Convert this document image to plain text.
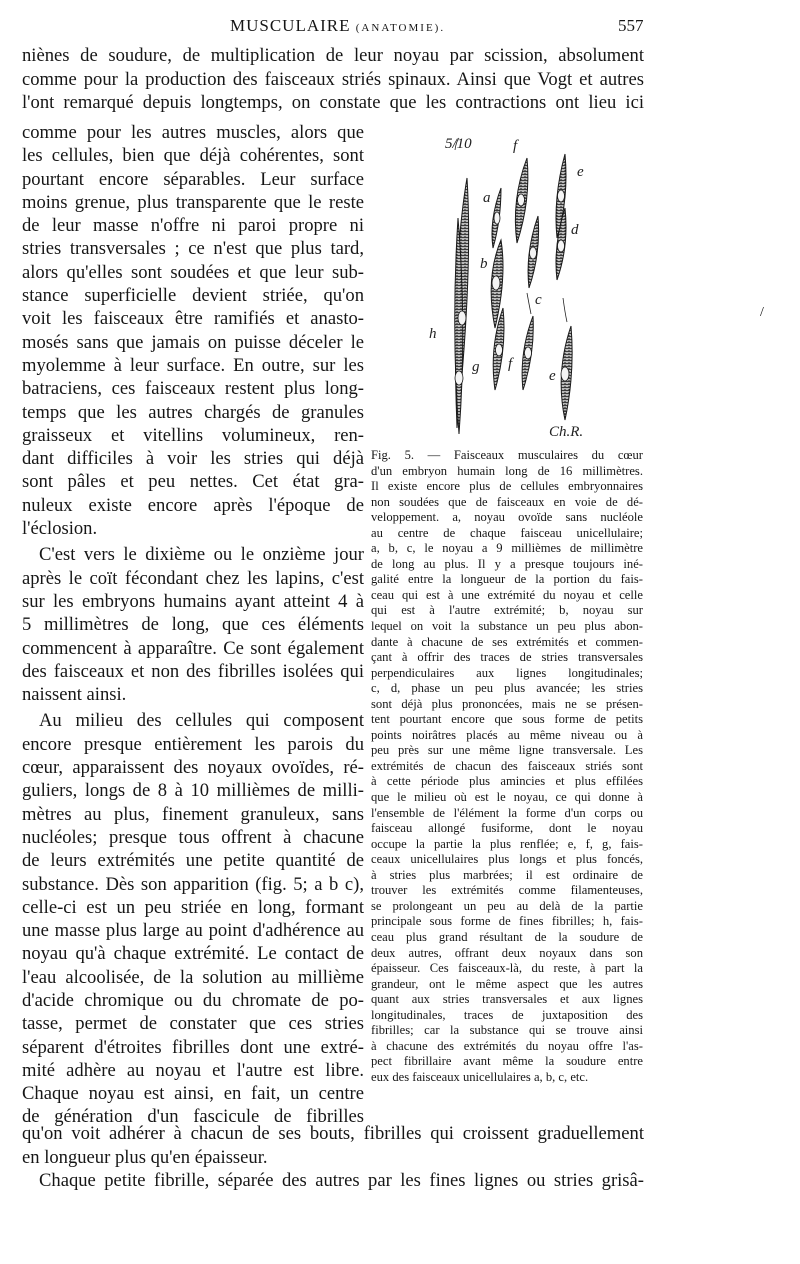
MUSCULAIRE (ANATOMIE).	557
niènes de soudure, de multiplication de leur noyau par scission, absolument
comme pour la production des faisceaux striés spinaux. Ainsi que Vogt et autres
l'ont remarqué depuis longtemps, on constate que les contractions ont lieu ici
comme pour les autres muscles, alors que
les cellules, bien que déjà cohérentes, sont
pourtant encore séparables. Leur surface
moins grenue, plus transparente que le reste
de leur masse n'offre ni paroi propre ni
stries transversales ; ce n'est que plus tard,
alors qu'elles sont soudées et que leur sub-
stance superficielle devient striée, qu'on
voit les faisceaux être ramifiés et anasto-
mosés sans que jamais on puisse déceler le
myolemme à leur surface. En outre, sur les
batraciens, ces faisceaux restent plus long-
temps que les autres chargés de granules
graisseux et vitellins volumineux, ren-
dant difficiles à voir les stries qui déjà
sont pâles et peu nettes. Cet état gra-
nuleux existe encore après l'époque de
l'éclosion.
C'est vers le dixième ou le onzième jour
après le coït fécondant chez les lapins, c'est
sur les embryons humains ayant atteint 4 à
5 millimètres de long, que ces éléments
commencent à apparaître. Ce sont également
des faisceaux et non des fibrilles isolées qui
naissent ainsi.
Au milieu des cellules qui composent
encore presque entièrement les parois du
cœur, apparaissent des noyaux ovoïdes, ré-
guliers, longs de 8 à 10 millièmes de milli-
mètres au plus, finement granuleux, sans
nucléoles; presque tous offrent à chacune
de leurs extrémités une petite quantité de
substance. Dès son apparition (fig. 5; a b c),
celle-ci est un peu striée en long, formant
une masse plus large au point d'adhérence au
noyau qu'à chaque extrémité. Le contact de
l'eau alcoolisée, de la solution au millième
d'acide chromique ou du chromate de po-
tasse, permet de constater que ces stries
séparent d'étroites fibrilles dont une extré-
mité adhère au noyau et l'autre est libre.
Chaque noyau est ainsi, en fait, un centre
de génération d'un fascicule de fibrilles
5/10	f
e
a
d
b
c
h
g f
e
Ch.R.
Fig. 5. — Faisceaux musculaires du cœur
d'un embryon humain long de 16 millimètres.
Il existe encore plus de cellules embryonnaires
non soudées que de faisceaux en voie de dé-
veloppement. a, noyau ovoïde sans nucléole
au centre de chaque faisceau unicellulaire;
a, b, c, le noyau a 9 millièmes de millimètre
de long au plus. Il y a presque toujours iné-
galité entre la longueur de la portion du fais-
ceau qui est à une extrémité du noyau et celle
qui est à l'autre extrémité; b, noyau sur
lequel on voit la substance un peu plus abon-
dante à chacune de ses extrémités et commen-
çant à offrir des traces de stries transversales
perpendiculaires aux lignes longitudinales;
c, d, phase un peu plus avancée; les stries
sont déjà plus prononcées, mais ne se présen-
tent pourtant encore que sous forme de petits
points noirâtres placés au même niveau ou à
peu près sur une même ligne transversale. Les
extrémités de chacun des faisceaux striés sont
à cette période plus amincies et plus effilées
que le milieu où est le noyau, ce qui donne à
l'ensemble de l'élément la forme d'un corps ou
faisceau allongé fusiforme, dont le noyau
occupe la partie la plus renflée; e, f, g, fais-
ceaux unicellulaires plus longs et plus foncés,
à stries plus marbrées; il est ordinaire de
trouver les extrémités comme filamenteuses,
se prolongeant un peu au delà de la partie
principale sous forme de fines fibrilles; h, fais-
ceau plus grand résultant de la soudure de
deux autres, offrant deux noyaux dans son
épaisseur. Ces faisceaux-là, du reste, à part la
grandeur, ont le même aspect que les autres
quant aux stries transversales et aux lignes
longitudinales, traces de juxtaposition des
fibrilles; car la substance qui se trouve ainsi
à chacune des extrémités du noyau offre l'as-
pect fibrillaire avant même la soudure entre
eux des faisceaux unicellulaires a, b, c, etc.
/
qu'on voit adhérer à chacun de ses bouts, fibrilles qui croissent graduellement
en longueur plus qu'en épaisseur.
Chaque petite fibrille, séparée des autres par les fines lignes ou stries grisâ-
